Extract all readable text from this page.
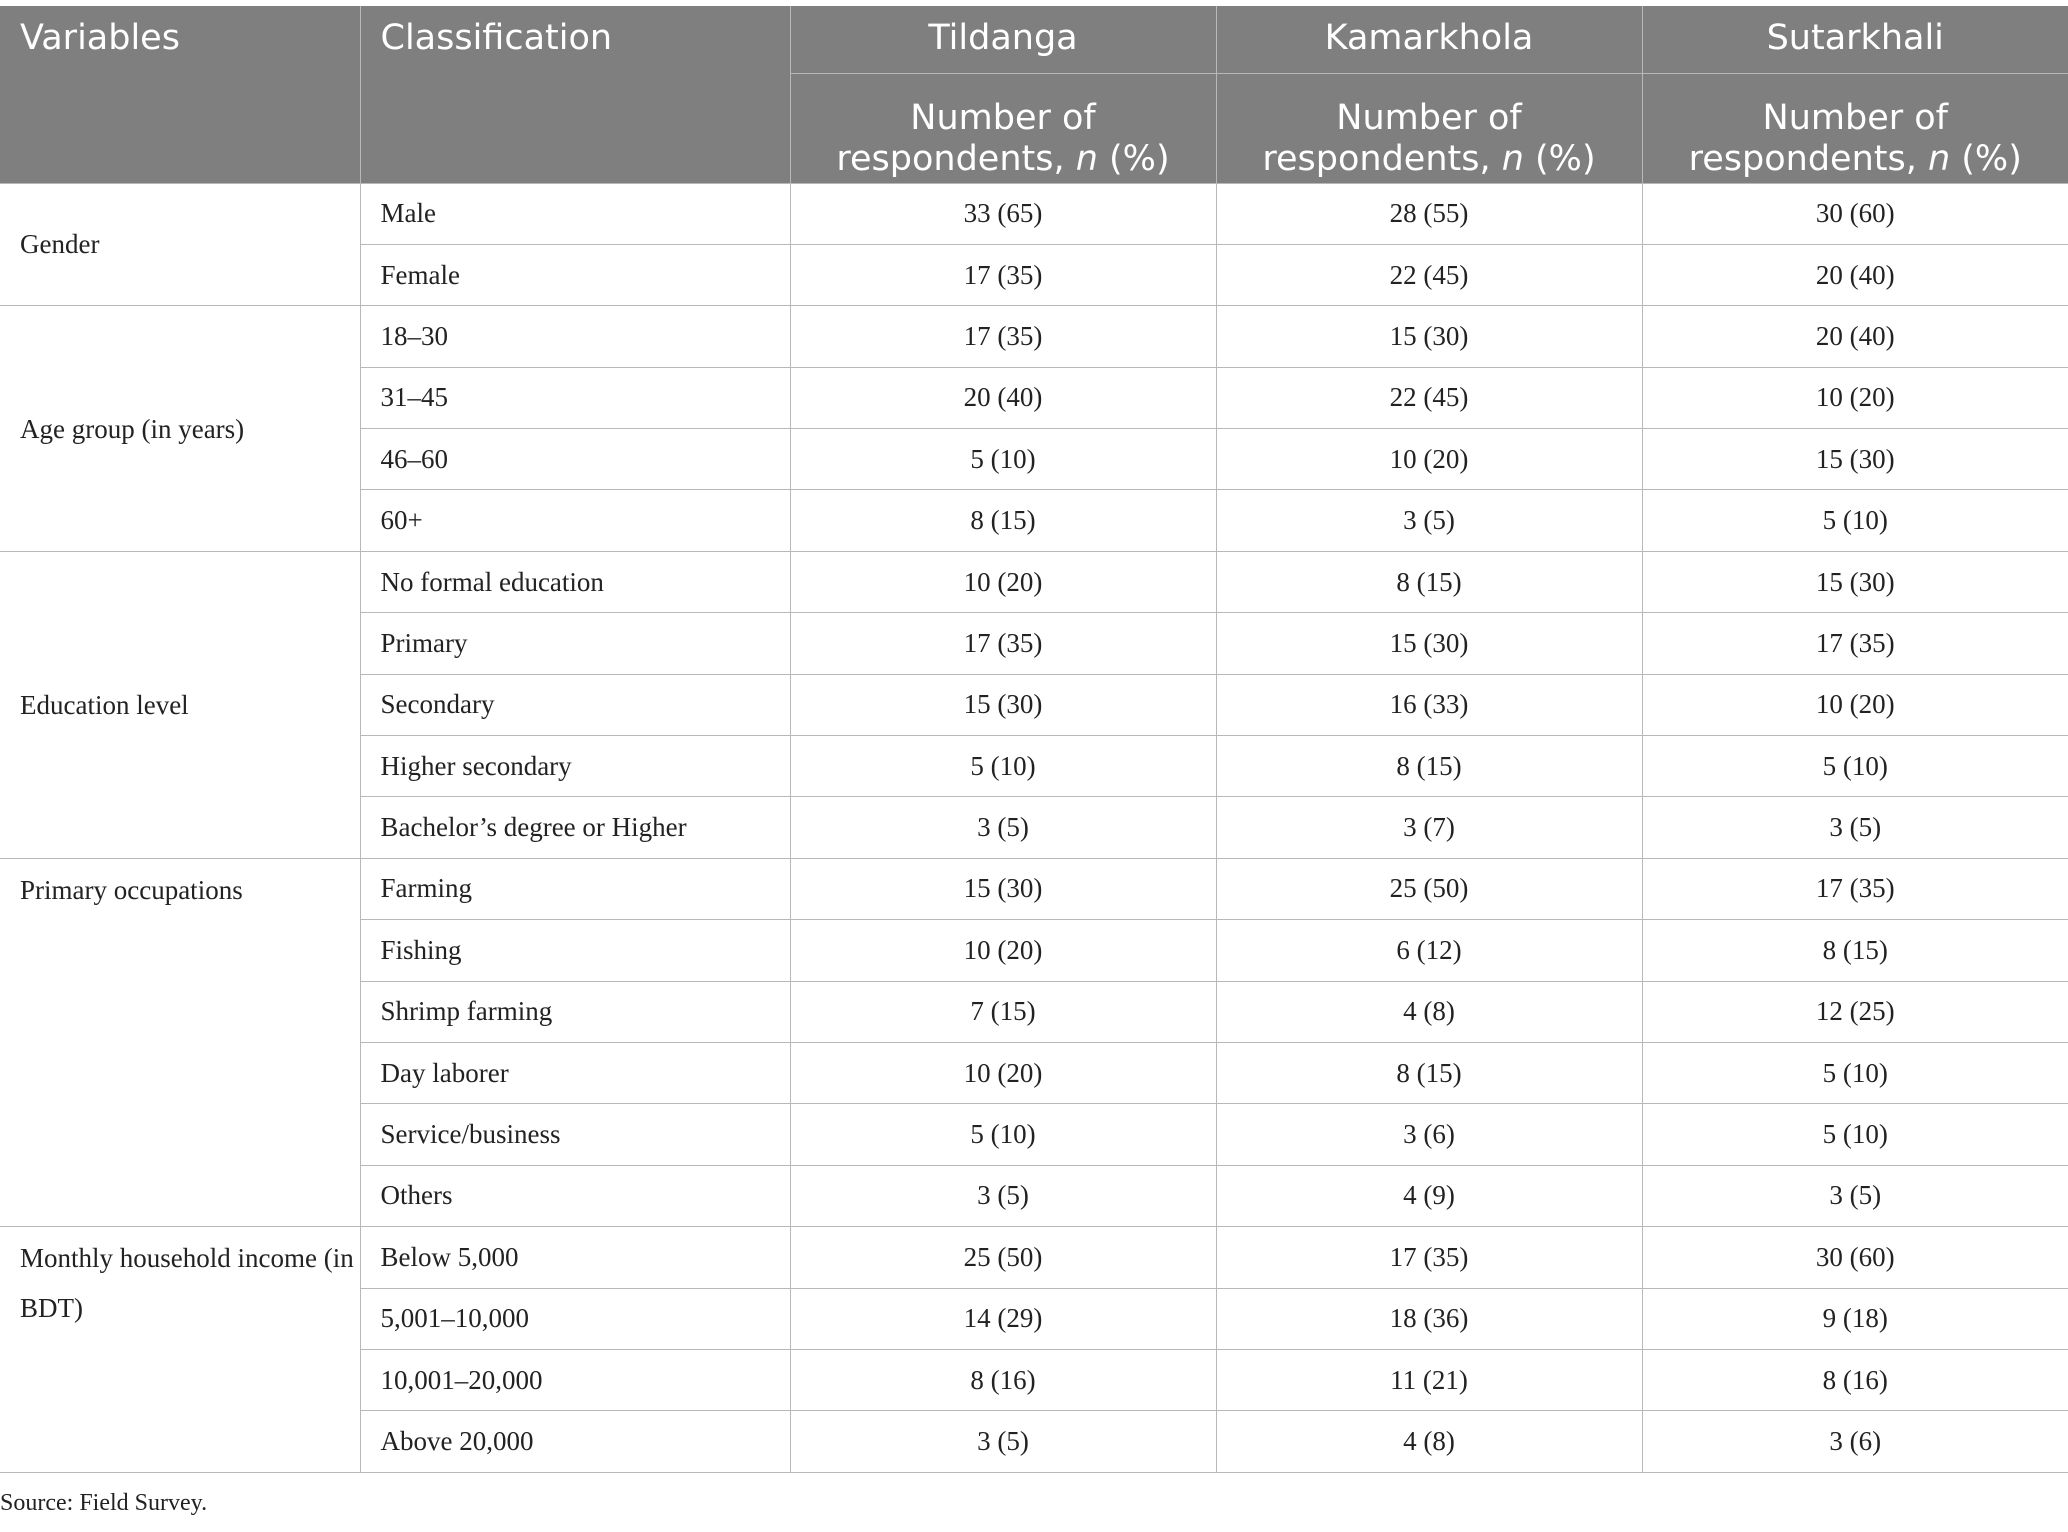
Variables	Classification	Tildanga	Kamarkhola	Sutarkhali
		Number of respondents, n (%)	Number of respondents, n (%)	Number of respondents, n (%)
Gender	Male	33 (65)	28 (55)	30 (60)
	Female	17 (35)	22 (45)	20 (40)
Age group (in years)	18–30	17 (35)	15 (30)	20 (40)
	31–45	20 (40)	22 (45)	10 (20)
	46–60	5 (10)	10 (20)	15 (30)
	60+	8 (15)	3 (5)	5 (10)
Education level	No formal education	10 (20)	8 (15)	15 (30)
	Primary	17 (35)	15 (30)	17 (35)
	Secondary	15 (30)	16 (33)	10 (20)
	Higher secondary	5 (10)	8 (15)	5 (10)
	Bachelor’s degree or Higher	3 (5)	3 (7)	3 (5)
Primary occupations	Farming	15 (30)	25 (50)	17 (35)
	Fishing	10 (20)	6 (12)	8 (15)
	Shrimp farming	7 (15)	4 (8)	12 (25)
	Day laborer	10 (20)	8 (15)	5 (10)
	Service/business	5 (10)	3 (6)	5 (10)
	Others	3 (5)	4 (9)	3 (5)
Monthly household income (in BDT)	Below 5,000	25 (50)	17 (35)	30 (60)
	5,001–10,000	14 (29)	18 (36)	9 (18)
	10,001–20,000	8 (16)	11 (21)	8 (16)
	Above 20,000	3 (5)	4 (8)	3 (6)
Source: Field Survey.
